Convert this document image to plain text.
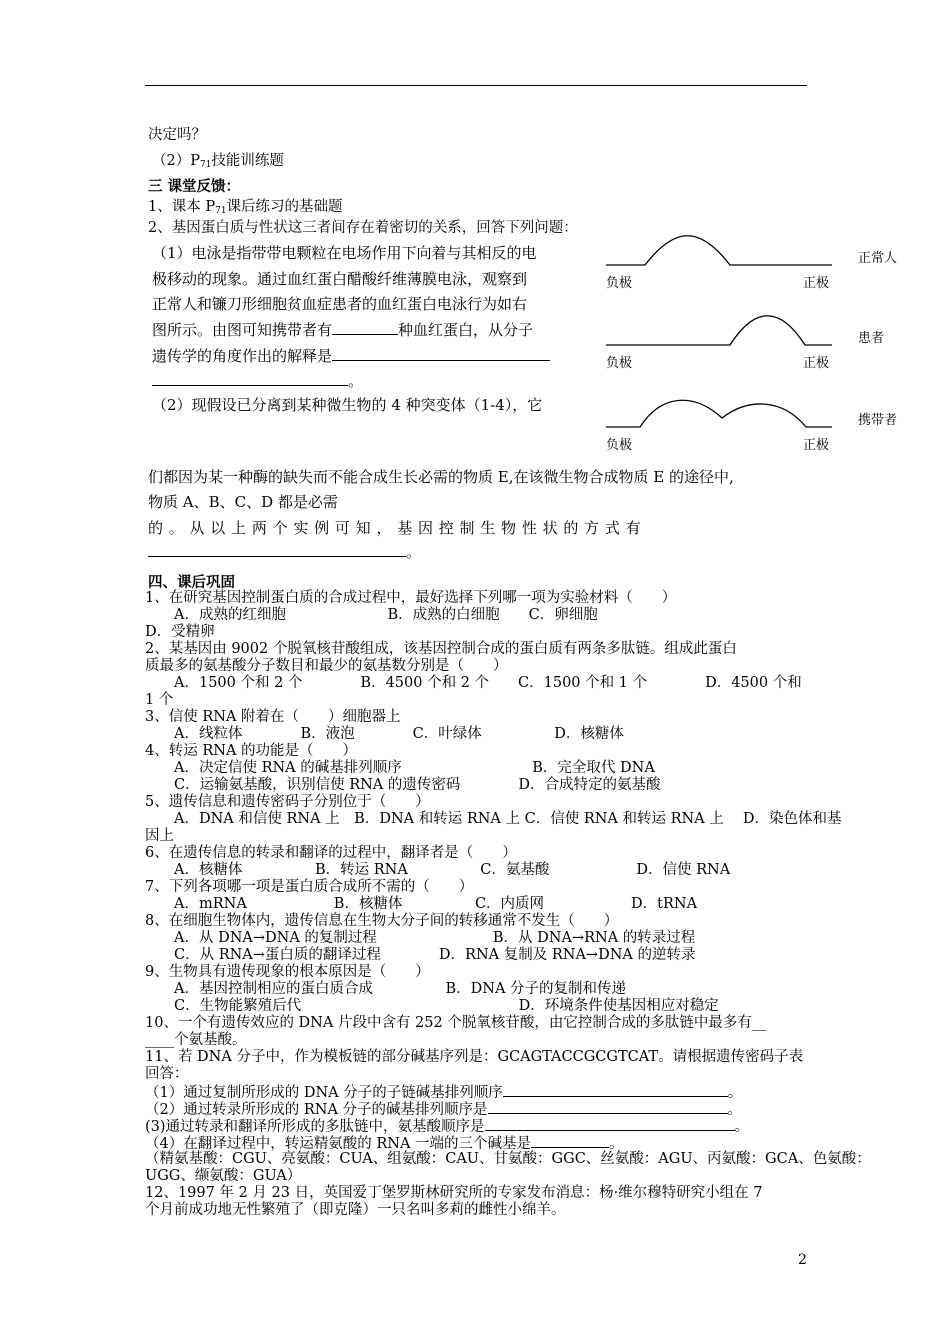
决定吗？
$(2)P_{71}$技能训练题
三 课堂反馈：
1、课本 $P_{71}$课后练习的基础题
2、基因蛋白质与性状这三者间存在着密切的关系，回答下列问题：
（1）电泳是指带带电颗粒在电场作用下向着与其相反的电
极移动的现象。通过血红蛋白醋酸纤维薄膜电泳，观察到
正常人和镰刀形细胞贫血症患者的血红蛋白电泳行为如右
图所示。由图可知携带者有	种血红蛋白，从分子
遗传学的角度作出的解释是
。
（2）现假设已分离到某种微生物的 4 种突变体（1-4），它
们都因为某一种酶的缺失而不能合成生长必需的物质 E,在该微生物合成物质 E 的途径中,
物质 A、B、C、D 都是必需
的 。 从 以 上 两 个 实 例 可 知 ， 基 因 控 制 生 物 性 状 的 方 式 有
。
正常人
负极	正极
患者
负极	正极
携带者
负极	正极
四、课后巩固
1、在研究基因控制蛋白质的合成过程中，最好选择下列哪一项为实验材料（　　）
　　A．成熟的红细胞　　　　　　　B．成熟的白细胞　　C．卵细胞
D．受精卵
2、某基因由 9002 个脱氧核苷酸组成，该基因控制合成的蛋白质有两条多肽链。组成此蛋白
质最多的氨基酸分子数目和最少的氨基数分别是（　　）
　　A．1500 个和 2 个　　　　B．4500 个和 2 个　　C．1500 个和 1 个　　　　D．4500 个和
1 个
3、信使 RNA 附着在（　　）细胞器上
　　A．线粒体　　　　B．液泡　　　　C．叶绿体　　　　　D．核糖体
4、转运 RNA 的功能是（　　）
　　A．决定信使 RNA 的碱基排列顺序　　　　　　　　　B．完全取代 DNA
　　C．运输氨基酸，识别信使 RNA 的遗传密码　　　　D．合成特定的氨基酸
5、遗传信息和遗传密码子分别位于（　　）
　　A．DNA 和信使 RNA 上　B．DNA 和转运 RNA 上 C．信使 RNA 和转运 RNA 上　 D．染色体和基
因上
6、在遗传信息的转录和翻译的过程中，翻译者是（　　）
　　A．核糖体　　　　　B．转运 RNA　　　　　C．氨基酸　　　　　　D．信使 RNA
7、下列各项哪一项是蛋白质合成所不需的（　　）
　　A．mRNA　　　　　　B．核糖体　　　　　C．内质网　　　　　　D．tRNA
8、在细胞生物体内，遗传信息在生物大分子间的转移通常不发生（　　）
　　A．从 DNA→DNA 的复制过程　　　　　　　　B．从 DNA→RNA 的转录过程
　　C．从 RNA→蛋白质的翻译过程　　　　D．RNA 复制及 RNA→DNA 的逆转录
9、生物具有遗传现象的根本原因是（　　）
　　A．基因控制相应的蛋白质合成　　　　　B．DNA 分子的复制和传递
　　C．生物能繁殖后代　　　　　　　　　　　　　　　D．环境条件使基因相应对稳定
10、一个有遗传效应的 DNA 片段中含有 252 个脱氧核苷酸，由它控制合成的多肽链中最多有__
____个氨基酸。
11、若 DNA 分子中，作为模板链的部分碱基序列是：GCAGTACCGCGTCAT。请根据遗传密码子表
回答：
（1）通过复制所形成的 DNA 分子的子链碱基排列顺序	。
（2）通过转录所形成的 RNA 分子的碱基排列顺序是	。
(3)通过转录和翻译所形成的多肽链中，氨基酸顺序是	。
（4）在翻译过程中，转运精氨酸的 RNA 一端的三个碱基是	。
（精氨基酸：CGU、亮氨酸：CUA、组氨酸：CAU、甘氨酸：GGC、丝氨酸：AGU、丙氨酸：GCA、色氨酸：
UGG、缬氨酸：GUA）
12、1997 年 2 月 23 日，英国爱丁堡罗斯林研究所的专家发布消息：杨·维尔穆特研究小组在 7
个月前成功地无性繁殖了（即克隆）一只名叫多莉的雌性小绵羊。
2
